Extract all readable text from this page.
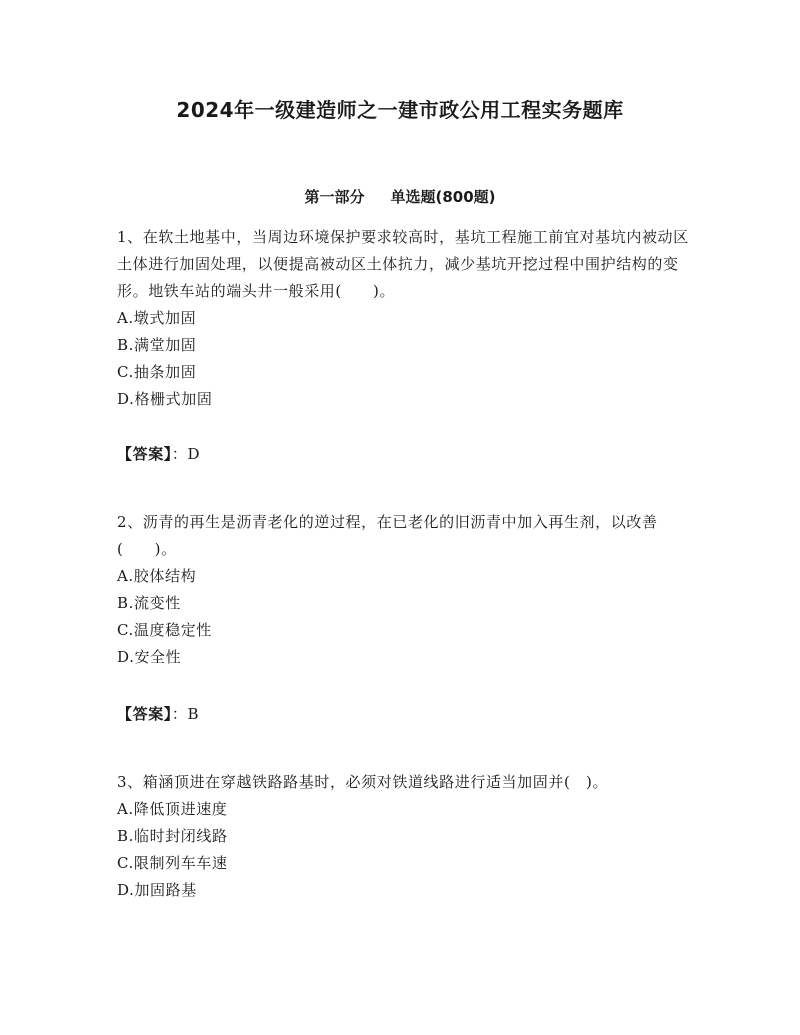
2024年一级建造师之一建市政公用工程实务题库
第一部分 单选题(800题)

1、在软土地基中，当周边环境保护要求较高时，基坑工程施工前宜对基坑内被动区土体进行加固处理，以便提高被动区土体抗力，减少基坑开挖过程中围护结构的变形。地铁车站的端头井一般采用(　　)。

A.墩式加固

B.满堂加固

C.抽条加固

D.格栅式加固

【答案】：D

2、沥青的再生是沥青老化的逆过程，在已老化的旧沥青中加入再生剂，以改善(　　)。

A.胶体结构

B.流变性

C.温度稳定性

D.安全性

【答案】：B

3、箱涵顶进在穿越铁路路基时，必须对铁道线路进行适当加固并(　)。

A.降低顶进速度

B.临时封闭线路

C.限制列车车速

D.加固路基
